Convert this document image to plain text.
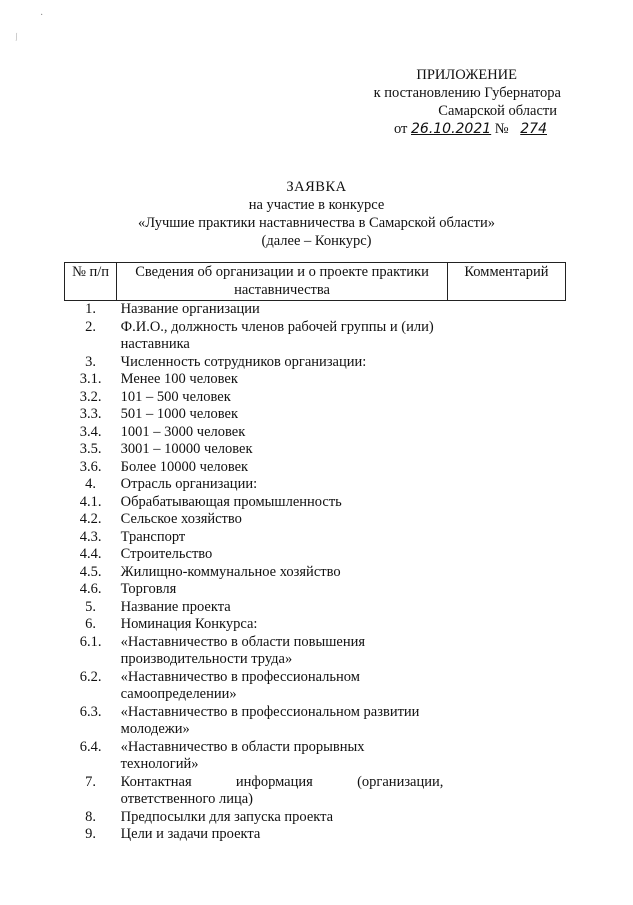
·
⁄
ПРИЛОЖЕНИЕ
к постановлению Губернатора
Самарской области
от 26.10.2021 № 274
ЗАЯВКА
на участие в конкурсе
«Лучшие практики наставничества в Самарской области»
(далее – Конкурс)
№ п/п	Сведения об организации и о проекте практики наставничества	Комментарий
1.	Название организации	
2.	Ф.И.О., должность членов рабочей группы и (или) наставника	
3.	Численность сотрудников организации:	
3.1.	Менее 100 человек	
3.2.	101 – 500 человек	
3.3.	501 – 1000 человек	
3.4.	1001 – 3000 человек	
3.5.	3001 – 10000 человек	
3.6.	Более 10000 человек	
4.	Отрасль организации:	
4.1.	Обрабатывающая промышленность	
4.2.	Сельское хозяйство	
4.3.	Транспорт	
4.4.	Строительство	
4.5.	Жилищно-коммунальное хозяйство	
4.6.	Торговля	
5.	Название проекта	
6.	Номинация Конкурса:	
6.1.	«Наставничество в области повышения производительности труда»	
6.2.	«Наставничество в профессиональном самоопределении»	
6.3.	«Наставничество в профессиональном развитии молодежи»	
6.4.	«Наставничество в области прорывных технологий»	
7.	Контактная информация (организации, ответственного лица)	
8.	Предпосылки для запуска проекта	
9.	Цели и задачи проекта	
